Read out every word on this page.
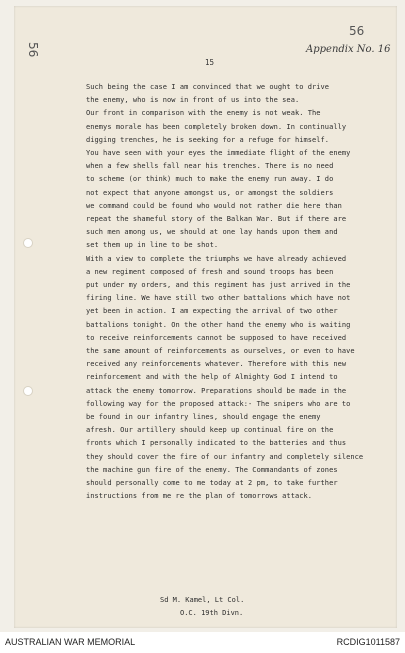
56
56
Appendix No. 16
15
Such being the case I am convinced that we ought to drive
the enemy, who is now in front of us into the sea.
Our front in comparison with the enemy is not weak. The
enemys morale has been completely broken down. In continually
digging trenches, he is seeking for a refuge for himself.
You have seen with your eyes the immediate flight of the enemy
when a few shells fall near his trenches. There is no need
to scheme (or think) much to make the enemy run away. I do
not expect that anyone amongst us, or amongst the soldiers
we command could be found who would not rather die here than
repeat the shameful story of the Balkan War. But if there are
such men among us, we should at one lay hands upon them and
set them up in line to be shot.
With a view to complete the triumphs we have already achieved
a new regiment composed of fresh and sound troops has been
put under my orders, and this regiment has just arrived in the
firing line. We have still two other battalions which have not
yet been in action. I am expecting the arrival of two other
battalions tonight. On the other hand the enemy who is waiting
to receive reinforcements cannot be supposed to have received
the same amount of reinforcements as ourselves, or even to have
received any reinforcements whatever. Therefore with this new
reinforcement and with the help of Almighty God I intend to
attack the enemy tomorrow. Preparations should be made in the
following way for the proposed attack:- The snipers who are to
be found in our infantry lines, should engage the enemy
afresh. Our artillery should keep up continual fire on the
fronts which I personally indicated to the batteries and thus
they should cover the fire of our infantry and completely silence
the machine gun fire of the enemy. The Commandants of zones
should personally come to me today at 2 pm, to take further
instructions from me re the plan of tomorrows attack.
Sd M. Kamel, Lt Col.
O.C. 19th Divn.
AUSTRALIAN WAR MEMORIAL	RCDIG1011587
